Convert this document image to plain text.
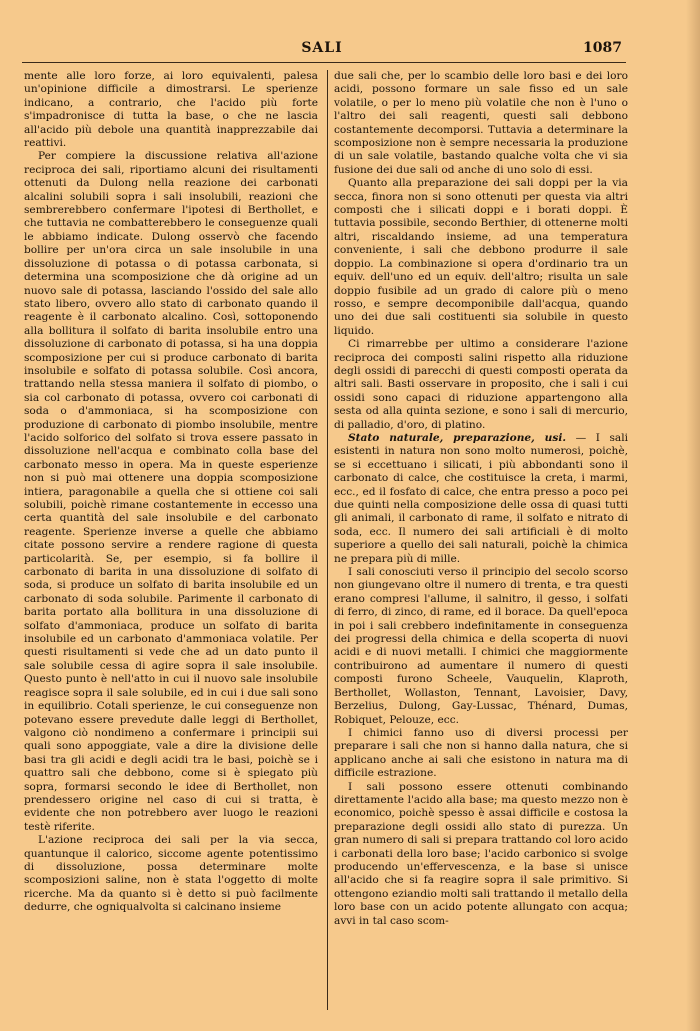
SALI	1087

mente alle loro forze, ai loro equivalenti, palesa un'opinione difficile a dimostrarsi. Le sperienze indicano, a contrario, che l'acido più forte s'impadronisce di tutta la base, o che ne lascia all'acido più debole una quantità inapprezzabile dai reattivi.

Per compiere la discussione relativa all'azione reciproca dei sali, riportiamo alcuni dei risultamenti ottenuti da Dulong nella reazione dei carbonati alcalini solubili sopra i sali insolubili, reazioni che sembrerebbero confermare l'ipotesi di Berthollet, e che tuttavia ne combatterebbero le conseguenze quali le abbiamo indicate. Dulong osservò che facendo bollire per un'ora circa un sale insolubile in una dissoluzione di potassa o di potassa carbonata, si determina una scomposizione che dà origine ad un nuovo sale di potassa, lasciando l'ossido del sale allo stato libero, ovvero allo stato di carbonato quando il reagente è il carbonato alcalino. Così, sottoponendo alla bollitura il solfato di barita insolubile entro una dissoluzione di carbonato di potassa, si ha una doppia scomposizione per cui si produce carbonato di barita insolubile e solfato di potassa solubile. Così ancora, trattando nella stessa maniera il solfato di piombo, o sia col carbonato di potassa, ovvero coi carbonati di soda o d'ammoniaca, si ha scomposizione con produzione di carbonato di piombo insolubile, mentre l'acido solforico del solfato si trova essere passato in dissoluzione nell'acqua e combinato colla base del carbonato messo in opera. Ma in queste esperienze non si può mai ottenere una doppia scomposizione intiera, paragonabile a quella che si ottiene coi sali solubili, poichè rimane costantemente in eccesso una certa quantità del sale insolubile e del carbonato reagente. Sperienze inverse a quelle che abbiamo citate possono servire a rendere ragione di questa particolarità. Se, per esempio, si fa bollire il carbonato di barita in una dissoluzione di solfato di soda, si produce un solfato di barita insolubile ed un carbonato di soda solubile. Parimente il carbonato di barita portato alla bollitura in una dissoluzione di solfato d'ammoniaca, produce un solfato di barita insolubile ed un carbonato d'ammoniaca volatile. Per questi risultamenti si vede che ad un dato punto il sale solubile cessa di agire sopra il sale insolubile. Questo punto è nell'atto in cui il nuovo sale insolubile reagisce sopra il sale solubile, ed in cui i due sali sono in equilibrio. Cotali sperienze, le cui conseguenze non potevano essere prevedute dalle leggi di Berthollet, valgono ciò nondimeno a confermare i principii sui quali sono appoggiate, vale a dire la divisione delle basi tra gli acidi e degli acidi tra le basi, poichè se i quattro sali che debbono, come si è spiegato più sopra, formarsi secondo le idee di Berthollet, non prendessero origine nel caso di cui si tratta, è evidente che non potrebbero aver luogo le reazioni testè riferite.

L'azione reciproca dei sali per la via secca, quantunque il calorico, siccome agente potentissimo di dissoluzione, possa determinare molte scomposizioni saline, non è stata l'oggetto di molte ricerche. Ma da quanto si è detto si può facilmente dedurre, che ogniqualvolta si calcinano insieme

due sali che, per lo scambio delle loro basi e dei loro acidi, possono formare un sale fisso ed un sale volatile, o per lo meno più volatile che non è l'uno o l'altro dei sali reagenti, questi sali debbono costantemente decomporsi. Tuttavia a determinare la scomposizione non è sempre necessaria la produzione di un sale volatile, bastando qualche volta che vi sia fusione dei due sali od anche di uno solo di essi.

Quanto alla preparazione dei sali doppi per la via secca, finora non si sono ottenuti per questa via altri composti che i silicati doppi e i borati doppi. È tuttavia possibile, secondo Berthier, di ottenerne molti altri, riscaldando insieme, ad una temperatura conveniente, i sali che debbono produrre il sale doppio. La combinazione si opera d'ordinario tra un equiv. dell'uno ed un equiv. dell'altro; risulta un sale doppio fusibile ad un grado di calore più o meno rosso, e sempre decomponibile dall'acqua, quando uno dei due sali costituenti sia solubile in questo liquido.

Ci rimarrebbe per ultimo a considerare l'azione reciproca dei composti salini rispetto alla riduzione degli ossidi di parecchi di questi composti operata da altri sali. Basti osservare in proposito, che i sali i cui ossidi sono capaci di riduzione appartengono alla sesta od alla quinta sezione, e sono i sali di mercurio, di palladio, d'oro, di platino.

Stato naturale, preparazione, usi. — I sali esistenti in natura non sono molto numerosi, poichè, se si eccettuano i silicati, i più abbondanti sono il carbonato di calce, che costituisce la creta, i marmi, ecc., ed il fosfato di calce, che entra presso a poco pei due quinti nella composizione delle ossa di quasi tutti gli animali, il carbonato di rame, il solfato e nitrato di soda, ecc. Il numero dei sali artificiali è di molto superiore a quello dei sali naturali, poichè la chimica ne prepara più di mille.

I sali conosciuti verso il principio del secolo scorso non giungevano oltre il numero di trenta, e tra questi erano compresi l'allume, il salnitro, il gesso, i solfati di ferro, di zinco, di rame, ed il borace. Da quell'epoca in poi i sali crebbero indefinitamente in conseguenza dei progressi della chimica e della scoperta di nuovi acidi e di nuovi metalli. I chimici che maggiormente contribuirono ad aumentare il numero di questi composti furono Scheele, Vauquelin, Klaproth, Berthollet, Wollaston, Tennant, Lavoisier, Davy, Berzelius, Dulong, Gay-Lussac, Thénard, Dumas, Robiquet, Pelouze, ecc.

I chimici fanno uso di diversi processi per preparare i sali che non si hanno dalla natura, che si applicano anche ai sali che esistono in natura ma di difficile estrazione.

I sali possono essere ottenuti combinando direttamente l'acido alla base; ma questo mezzo non è economico, poichè spesso è assai difficile e costosa la preparazione degli ossidi allo stato di purezza. Un gran numero di sali si prepara trattando col loro acido i carbonati della loro base; l'acido carbonico si svolge producendo un'effervescenza, e la base si unisce all'acido che si fa reagire sopra il sale primitivo. Si ottengono eziandio molti sali trattando il metallo della loro base con un acido potente allungato con acqua; avvi in tal caso scom-
